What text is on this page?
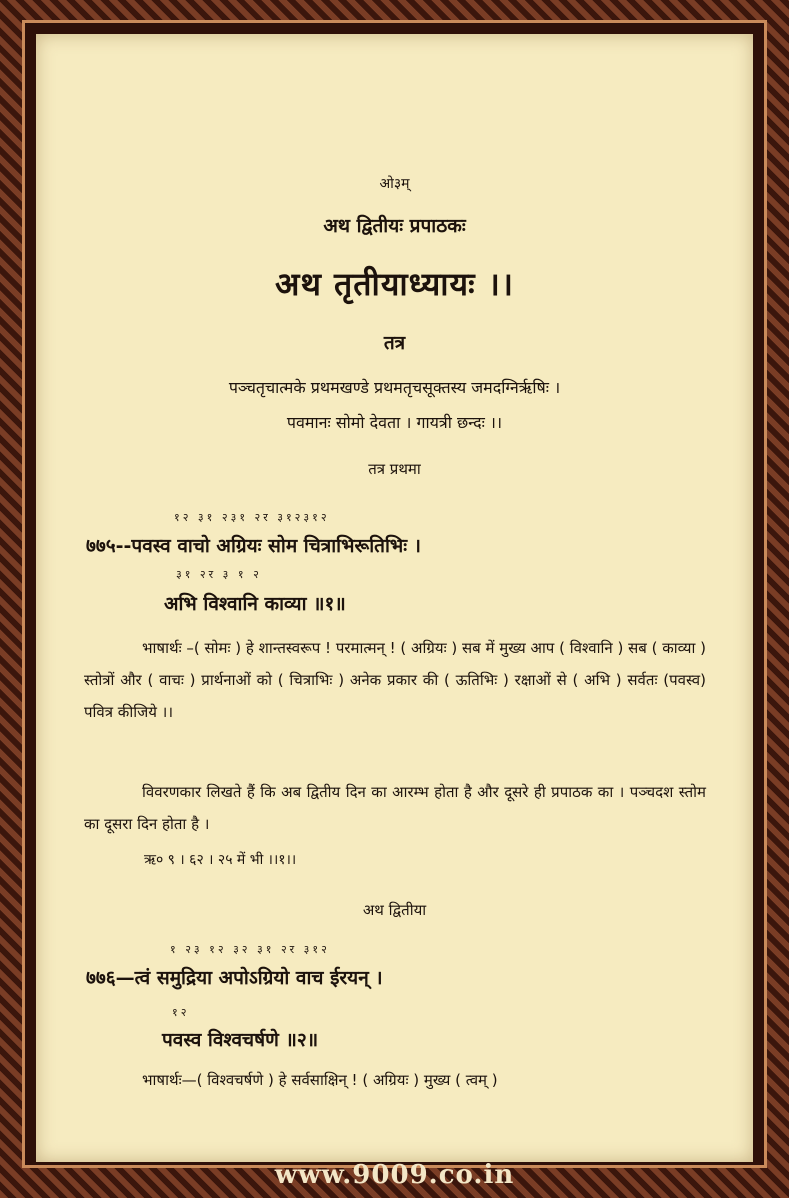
ओ३म्
अथ द्वितीयः प्रपाठकः
अथ तृतीयाध्यायः ।।
तत्र
पञ्चतृचात्मके प्रथमखण्डे प्रथमतृचसूक्तस्य जमदग्निर्ऋषिः ।
पवमानः सोमो देवता । गायत्री छन्दः ।।
तत्र प्रथमा
१२ ३१ २३१ २र ३१२३१२
७७५--पवस्व वाचो अग्रियः सोम चित्राभिरूतिभिः ।
३१ २र ३ १ २
अभि विश्वानि काव्या ॥१॥
भाषार्थः –( सोमः ) हे शान्तस्वरूप ! परमात्मन् ! ( अग्रियः ) सब में मुख्य आप ( विश्वानि ) सब ( काव्या ) स्तोत्रों और ( वाचः ) प्रार्थनाओं को ( चित्राभिः ) अनेक प्रकार की ( ऊतिभिः ) रक्षाओं से ( अभि ) सर्वतः (पवस्व) पवित्र कीजिये ।।
विवरणकार लिखते हैं कि अब द्वितीय दिन का आरम्भ होता है और दूसरे ही प्रपाठक का । पञ्चदश स्तोम का दूसरा दिन होता है ।
ऋ० ९ । ६२ । २५ में भी ।।१।।
अथ द्वितीया
१ २३ १२ ३२ ३१ २र ३१२
७७६—त्वं समुद्रिया अपोऽग्रियो वाच ईरयन् ।
१२
पवस्व विश्वचर्षणे ॥२॥
भाषार्थः—( विश्वचर्षणे ) हे सर्वसाक्षिन् ! ( अग्रियः ) मुख्य ( त्वम् )
www.9009.co.in
